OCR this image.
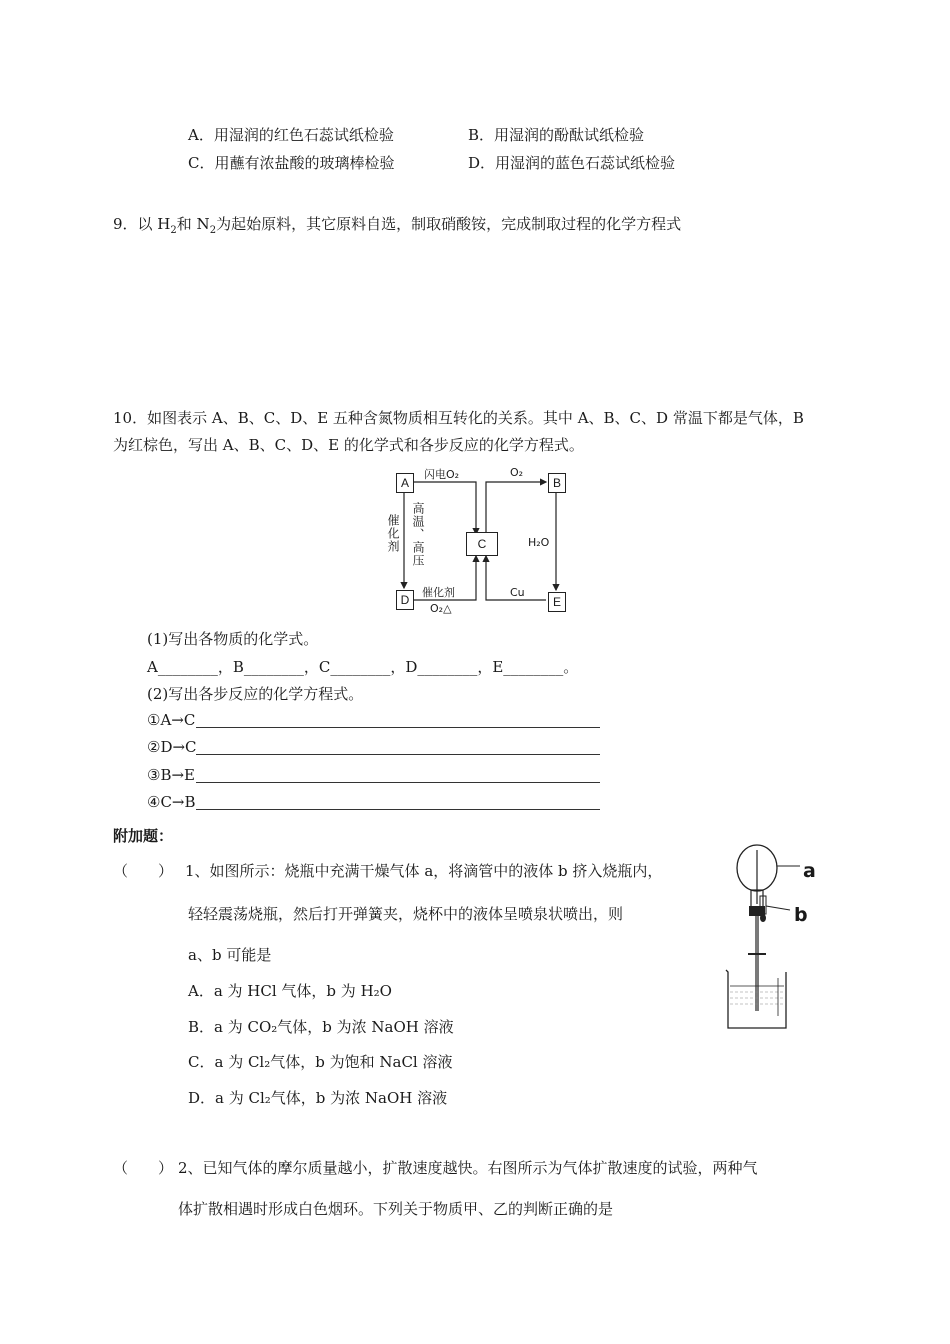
A．用湿润的红色石蕊试纸检验	B．用湿润的酚酞试纸检验
C．用蘸有浓盐酸的玻璃棒检验	D．用湿润的蓝色石蕊试纸检验
9．以 $H_2$和 $N_2$为起始原料，其它原料自选，制取硝酸铵，完成制取过程的化学方程式
10．如图表示 A、B、C、D、E 五种含氮物质相互转化的关系。其中 A、B、C、D 常温下都是气体，B
为红棕色，写出 A、B、C、D、E 的化学式和各步反应的化学方程式。
A	B
C
D	E
闪电O₂	O₂
H₂O
Cu
催化剂
O₂△
催化剂 高温、高压
(1)写出各物质的化学式。
A________，B________，C________，D________，E________。
(2)写出各步反应的化学方程式。
①A→C
②D→C
③B→E
④C→B
附加题：
（　　） 1、如图所示：烧瓶中充满干燥气体 a，将滴管中的液体 b 挤入烧瓶内，
轻轻震荡烧瓶，然后打开弹簧夹，烧杯中的液体呈喷泉状喷出，则
a、b 可能是
A．a 为 HCl 气体，b 为 H₂O
B．a 为 CO₂气体，b 为浓 NaOH 溶液
C．a 为 Cl₂气体，b 为饱和 NaCl 溶液
D．a 为 Cl₂气体，b 为浓 NaOH 溶液
a
b
（　　） 2、已知气体的摩尔质量越小，扩散速度越快。右图所示为气体扩散速度的试验，两种气
体扩散相遇时形成白色烟环。下列关于物质甲、乙的判断正确的是
